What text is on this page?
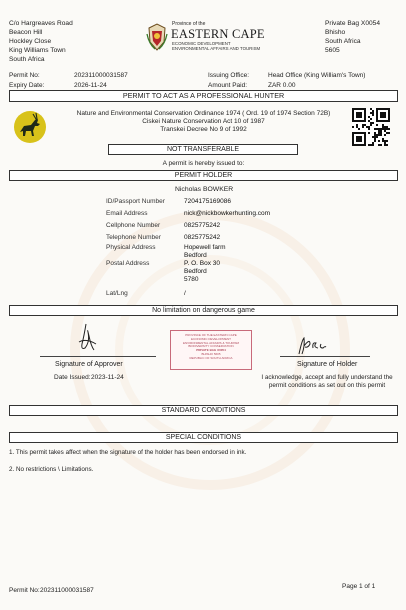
C/o Hargreaves Road
Beacon Hill
Hockley Close
King Williams Town
South Africa
Province of the
EASTERN CAPE
ECONOMIC DEVELOPMENT
ENVIRONMENTAL AFFAIRS AND TOURISM
Private Bag X0054
Bhisho
South Africa
5605
Permit No:	202311000031587
Expiry Date:	2026-11-24
Issuing Office:	Head Office (King William's Town)
Amount Paid:	ZAR 0.00
PERMIT TO ACT AS A PROFESSIONAL HUNTER
Nature and Environmental Conservation Ordinance 1974 ( Ord. 19 of 1974 Section 72B)
Ciskei Nature Conservation Act 10 of 1987
Transkei Decree No 9 of 1992
NOT TRANSFERABLE
A permit is hereby issued to:
PERMIT HOLDER
Nicholas BOWKER
ID/Passport Number	7204175169086
Email Address	nick@nickbowkerhunting.com
Cellphone Number	0825775242
Telephone Number	0825775242
Physical Address	Hopewell farm
Bedford
Postal Address	P. O. Box 30
Bedford
5780
Lat/Lng	/
No limitation on dangerous game
Signature of Approver
Date Issued: 2023-11-24
PROVINCE OF THE EASTERN CAPE
ECONOMIC DEVELOPMENT
ENVIRONMENTAL AFFAIRS & TOURISM
BIODIVERSITY CONSERVATION
PRIVATE BAG X0054
BHISHO 5605
REPUBLIC OF SOUTH AFRICA
Signature of Holder
I acknowledge, accept and fully understand the
permit conditions as set out on this permit
STANDARD CONDITIONS
SPECIAL CONDITIONS
1. This permit takes affect when the signature of the holder has been endorsed in ink.
2. No restrictions \ Limitations.
Permit No: 202311000031587
Page 1 of 1
